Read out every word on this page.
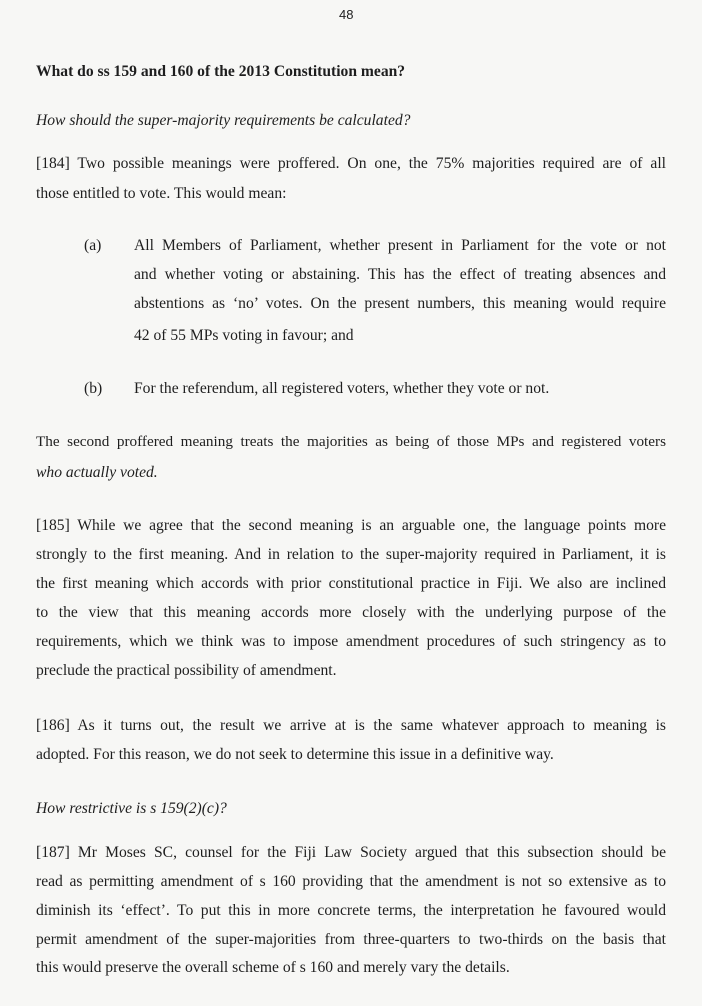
48
What do ss 159 and 160 of the 2013 Constitution mean?
How should the super-majority requirements be calculated?
[184] Two possible meanings were proffered. On one, the 75% majorities required are of all
those entitled to vote. This would mean:
(a) All Members of Parliament, whether present in Parliament for the vote or not
and whether voting or abstaining. This has the effect of treating absences and
abstentions as ‘no’ votes. On the present numbers, this meaning would require
42 of 55 MPs voting in favour; and
(b) For the referendum, all registered voters, whether they vote or not.
The second proffered meaning treats the majorities as being of those MPs and registered voters
who actually voted.
[185] While we agree that the second meaning is an arguable one, the language points more
strongly to the first meaning. And in relation to the super-majority required in Parliament, it is
the first meaning which accords with prior constitutional practice in Fiji. We also are inclined
to the view that this meaning accords more closely with the underlying purpose of the
requirements, which we think was to impose amendment procedures of such stringency as to
preclude the practical possibility of amendment.
[186] As it turns out, the result we arrive at is the same whatever approach to meaning is
adopted. For this reason, we do not seek to determine this issue in a definitive way.
How restrictive is s 159(2)(c)?
[187] Mr Moses SC, counsel for the Fiji Law Society argued that this subsection should be
read as permitting amendment of s 160 providing that the amendment is not so extensive as to
diminish its ‘effect’. To put this in more concrete terms, the interpretation he favoured would
permit amendment of the super-majorities from three-quarters to two-thirds on the basis that
this would preserve the overall scheme of s 160 and merely vary the details.
